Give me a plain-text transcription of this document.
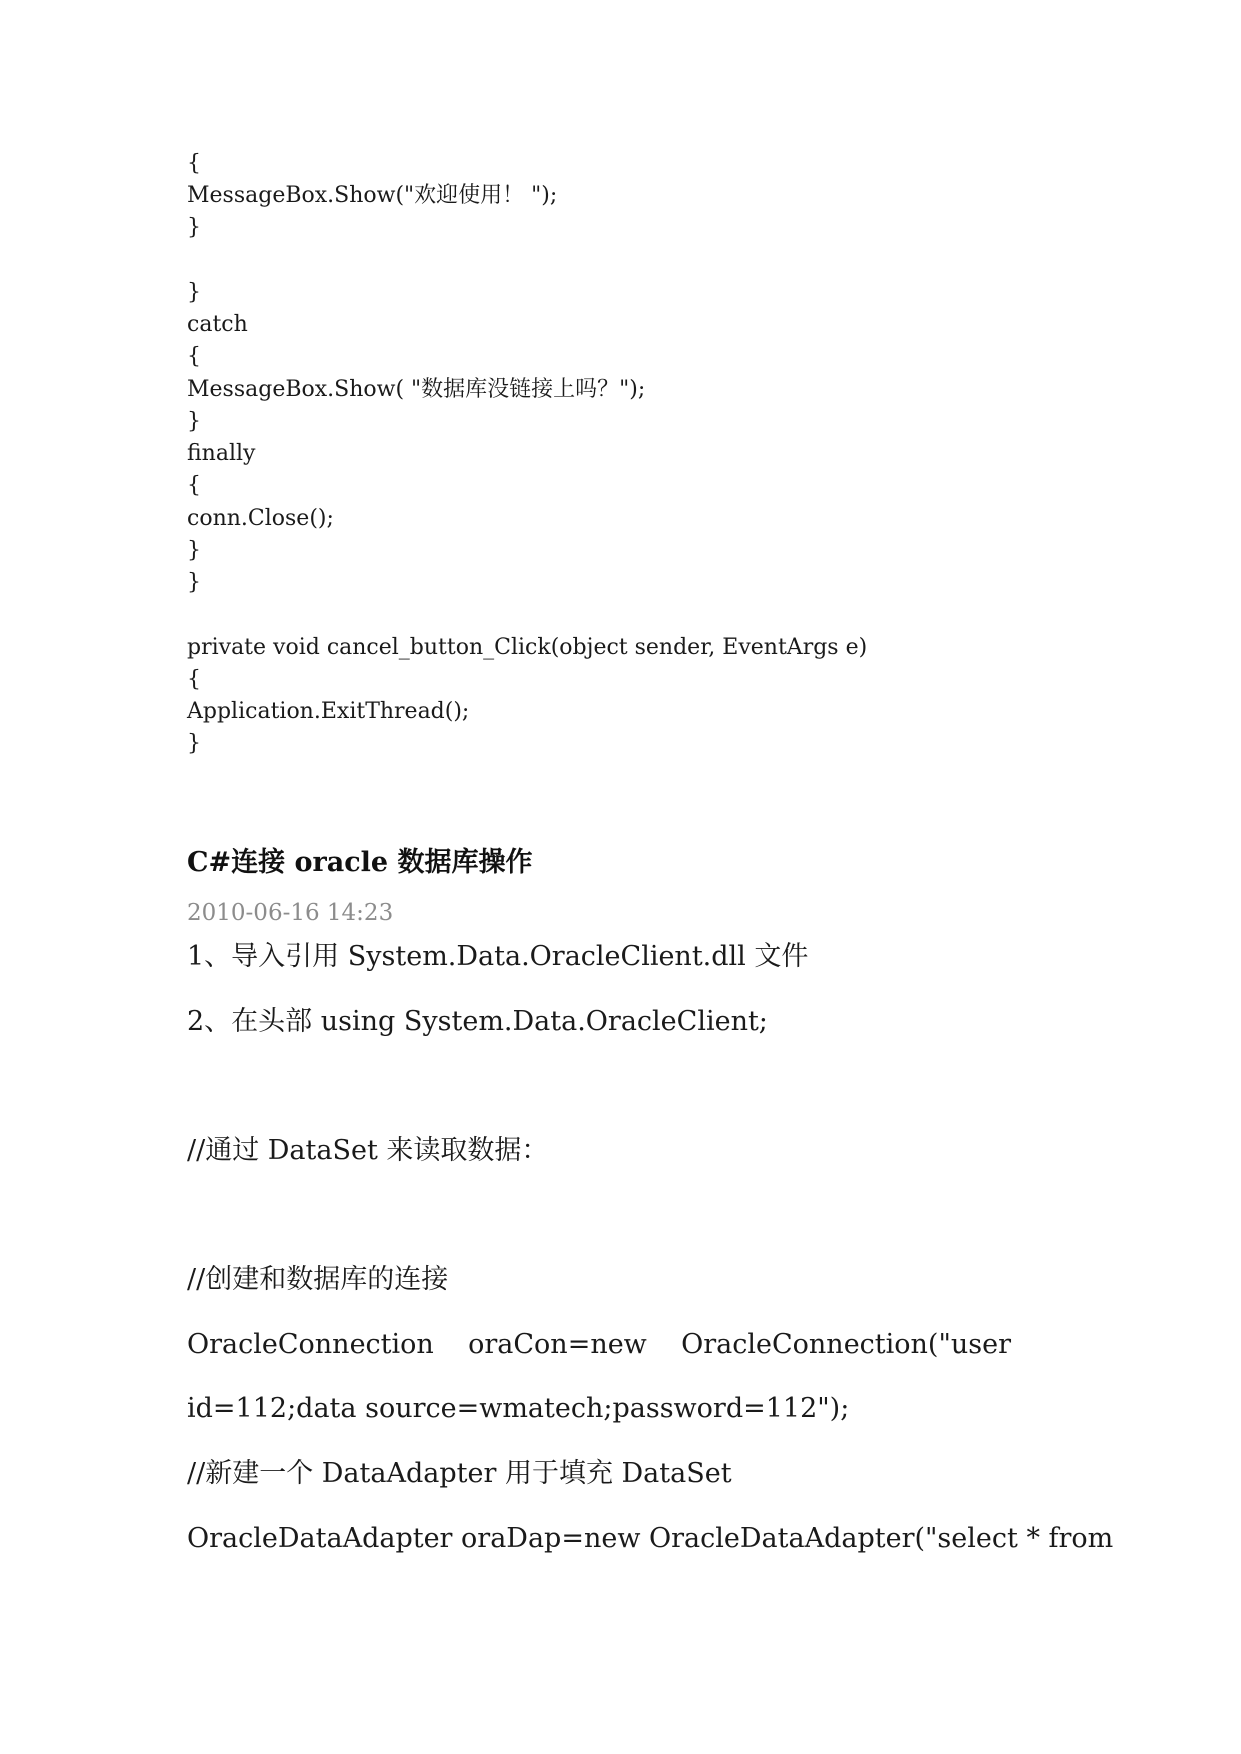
{
MessageBox.Show("欢迎使用！ ");
}
}
catch
{
MessageBox.Show( "数据库没链接上吗？");
}
finally
{
conn.Close();
}
}
private void cancel_button_Click(object sender, EventArgs e)
{
Application.ExitThread();
}
C#连接 oracle 数据库操作
2010-06-16 14:23
1、导入引用 System.Data.OracleClient.dll 文件
2、在头部 using System.Data.OracleClient;
//通过 DataSet 来读取数据：
//创建和数据库的连接
OracleConnection    oraCon=new    OracleConnection("user
id=112;data source=wmatech;password=112");
//新建一个 DataAdapter 用于填充 DataSet
OracleDataAdapter oraDap=new OracleDataAdapter("select * from
